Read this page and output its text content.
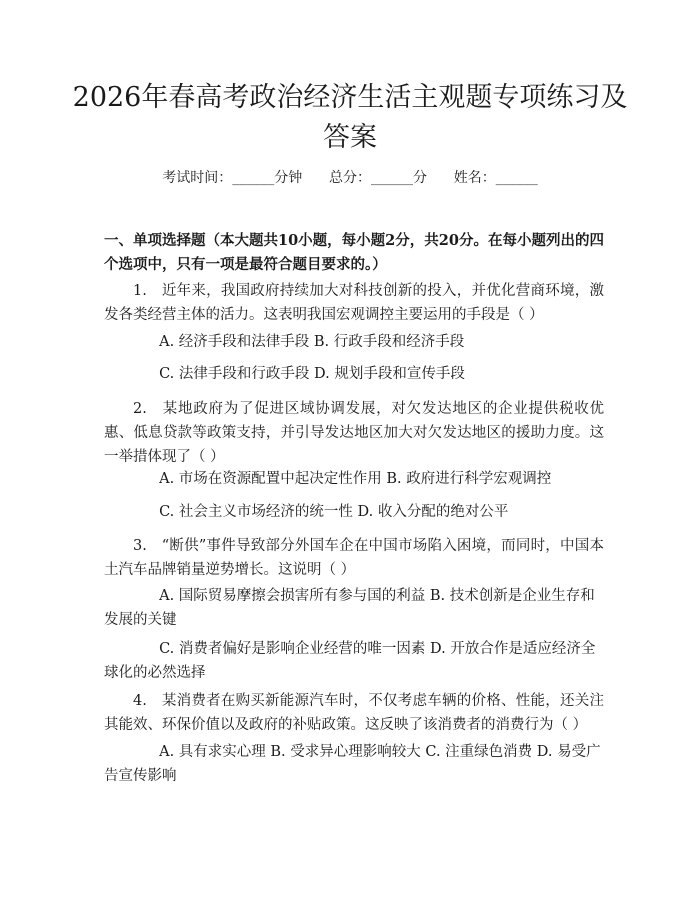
2026年春高考政治经济生活主观题专项练习及答案
考试时间：______分钟      总分：______分      姓名：______

一、单项选择题（本大题共10小题，每小题2分，共20分。在每小题列出的四个选项中，只有一项是最符合题目要求的。）

1.　近年来，我国政府持续加大对科技创新的投入，并优化营商环境，激发各类经营主体的活力。这表明我国宏观调控主要运用的手段是（ ）

A. 经济手段和法律手段 B. 行政手段和经济手段

C. 法律手段和行政手段 D. 规划手段和宣传手段

2.　某地政府为了促进区域协调发展，对欠发达地区的企业提供税收优惠、低息贷款等政策支持，并引导发达地区加大对欠发达地区的援助力度。这一举措体现了（ ）

A. 市场在资源配置中起决定性作用 B. 政府进行科学宏观调控

C. 社会主义市场经济的统一性 D. 收入分配的绝对公平

3.　“断供”事件导致部分外国车企在中国市场陷入困境，而同时，中国本土汽车品牌销量逆势增长。这说明（ ）

A. 国际贸易摩擦会损害所有参与国的利益 B. 技术创新是企业生存和发展的关键

C. 消费者偏好是影响企业经营的唯一因素 D. 开放合作是适应经济全球化的必然选择

4.　某消费者在购买新能源汽车时，不仅考虑车辆的价格、性能，还关注其能效、环保价值以及政府的补贴政策。这反映了该消费者的消费行为（ ）

A. 具有求实心理 B. 受求异心理影响较大 C. 注重绿色消费 D. 易受广告宣传影响
